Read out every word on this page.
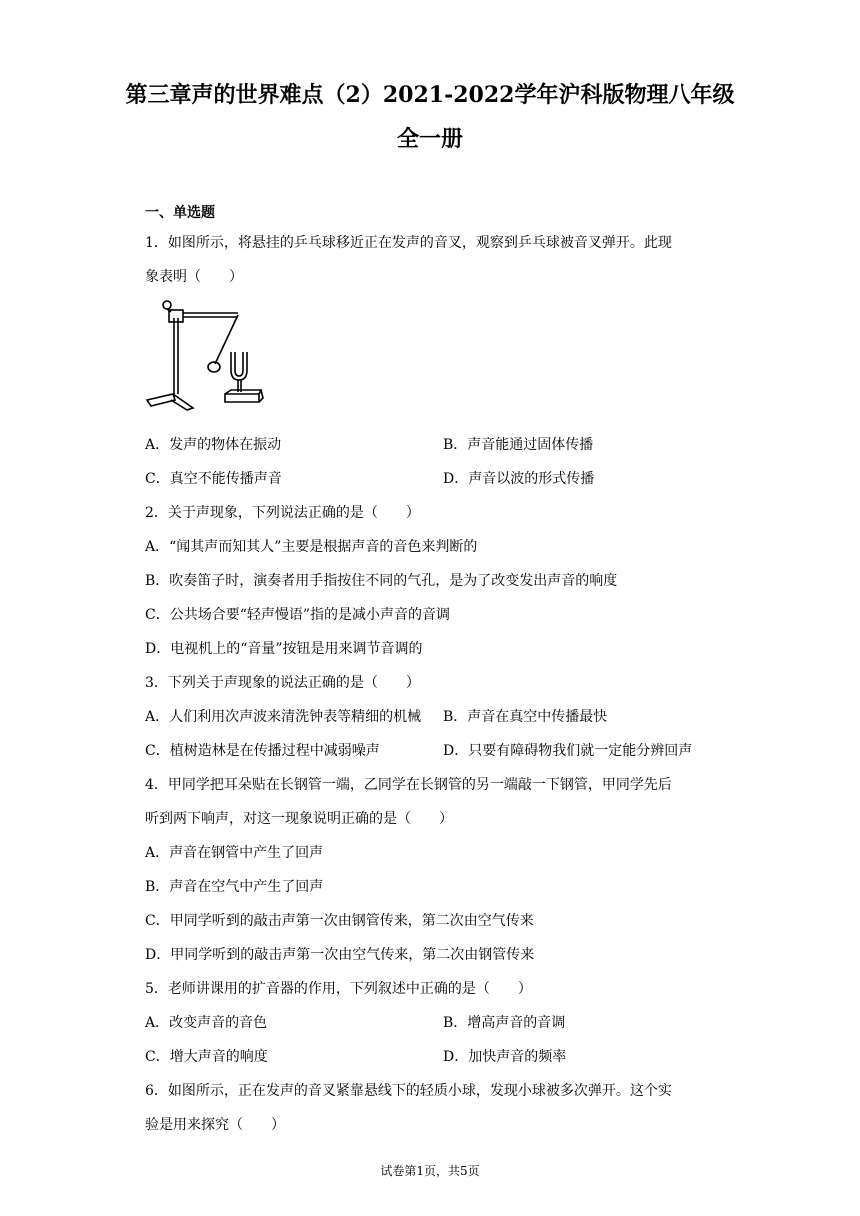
第三章声的世界难点（2）2021-2022学年沪科版物理八年级
全一册
一、单选题
1．如图所示，将悬挂的乒乓球移近正在发声的音叉，观察到乒乓球被音叉弹开。此现
象表明（　　）
A．发声的物体在振动	B．声音能通过固体传播
C．真空不能传播声音	D．声音以波的形式传播
2．关于声现象，下列说法正确的是（　　）
A．“闻其声而知其人”主要是根据声音的音色来判断的
B．吹奏笛子时，演奏者用手指按住不同的气孔，是为了改变发出声音的响度
C．公共场合要“轻声慢语”指的是减小声音的音调
D．电视机上的“音量”按钮是用来调节音调的
3．下列关于声现象的说法正确的是（　　）
A．人们利用次声波来清洗钟表等精细的机械 B．声音在真空中传播最快
C．植树造林是在传播过程中减弱噪声	D．只要有障碍物我们就一定能分辨回声
4．甲同学把耳朵贴在长钢管一端，乙同学在长钢管的另一端敲一下钢管，甲同学先后
听到两下响声，对这一现象说明正确的是（　　）
A．声音在钢管中产生了回声
B．声音在空气中产生了回声
C．甲同学听到的敲击声第一次由钢管传来，第二次由空气传来
D．甲同学听到的敲击声第一次由空气传来，第二次由钢管传来
5．老师讲课用的扩音器的作用，下列叙述中正确的是（　　）
A．改变声音的音色	B．增高声音的音调
C．增大声音的响度	D．加快声音的频率
6．如图所示，正在发声的音叉紧靠悬线下的轻质小球，发现小球被多次弹开。这个实
验是用来探究（　　）
试卷第1页，共5页
